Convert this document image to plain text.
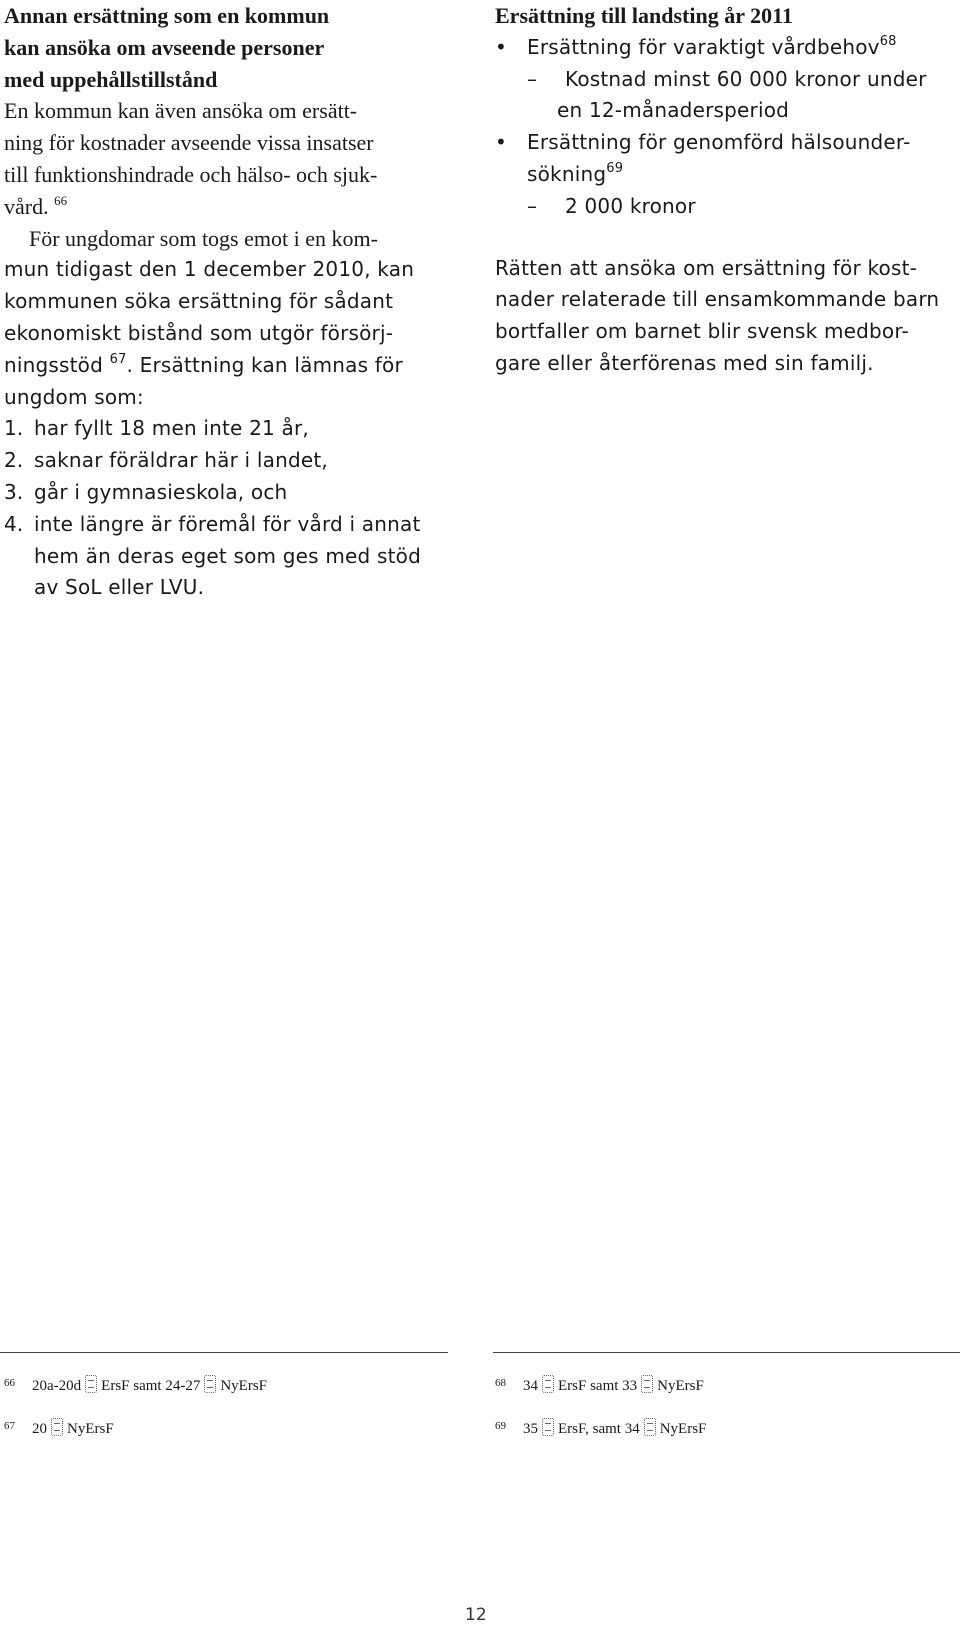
Annan ersättning som en kommun
kan ansöka om avseende personer
med uppehållstillstånd
En kommun kan även ansöka om ersätt-
ning för kostnader avseende vissa insatser
till funktionshindrade och hälso- och sjuk-
vård. $^{66}$
För ungdomar som togs emot i en kom-
mun tidigast den 1 december 2010, kan
kommunen söka ersättning för sådant
ekonomiskt bistånd som utgör försörj-
ningsstöd $^{67}$. Ersättning kan lämnas för
ungdom som:
1. har fyllt 18 men inte 21 år,
2. saknar föräldrar här i landet,
3. går i gymnasieskola, och
4. inte längre är föremål för vård i annat
hem än deras eget som ges med stöd
av SoL eller LVU.
Ersättning till landsting år 2011
• Ersättning för varaktigt vårdbehov$^{68}$
– Kostnad minst 60 000 kronor under
en 12-månadersperiod
• Ersättning för genomförd hälsounder-
sökning$^{69}$
– 2 000 kronor
Rätten att ansöka om ersättning för kost-
nader relaterade till ensamkommande barn
bortfaller om barnet blir svensk medbor-
gare eller återförenas med sin familj.
66 20a-20d ErsF samt 24-27 NyErsF
67 20 NyErsF
68 34 ErsF samt 33 NyErsF
69 35 ErsF, samt 34 NyErsF
12
